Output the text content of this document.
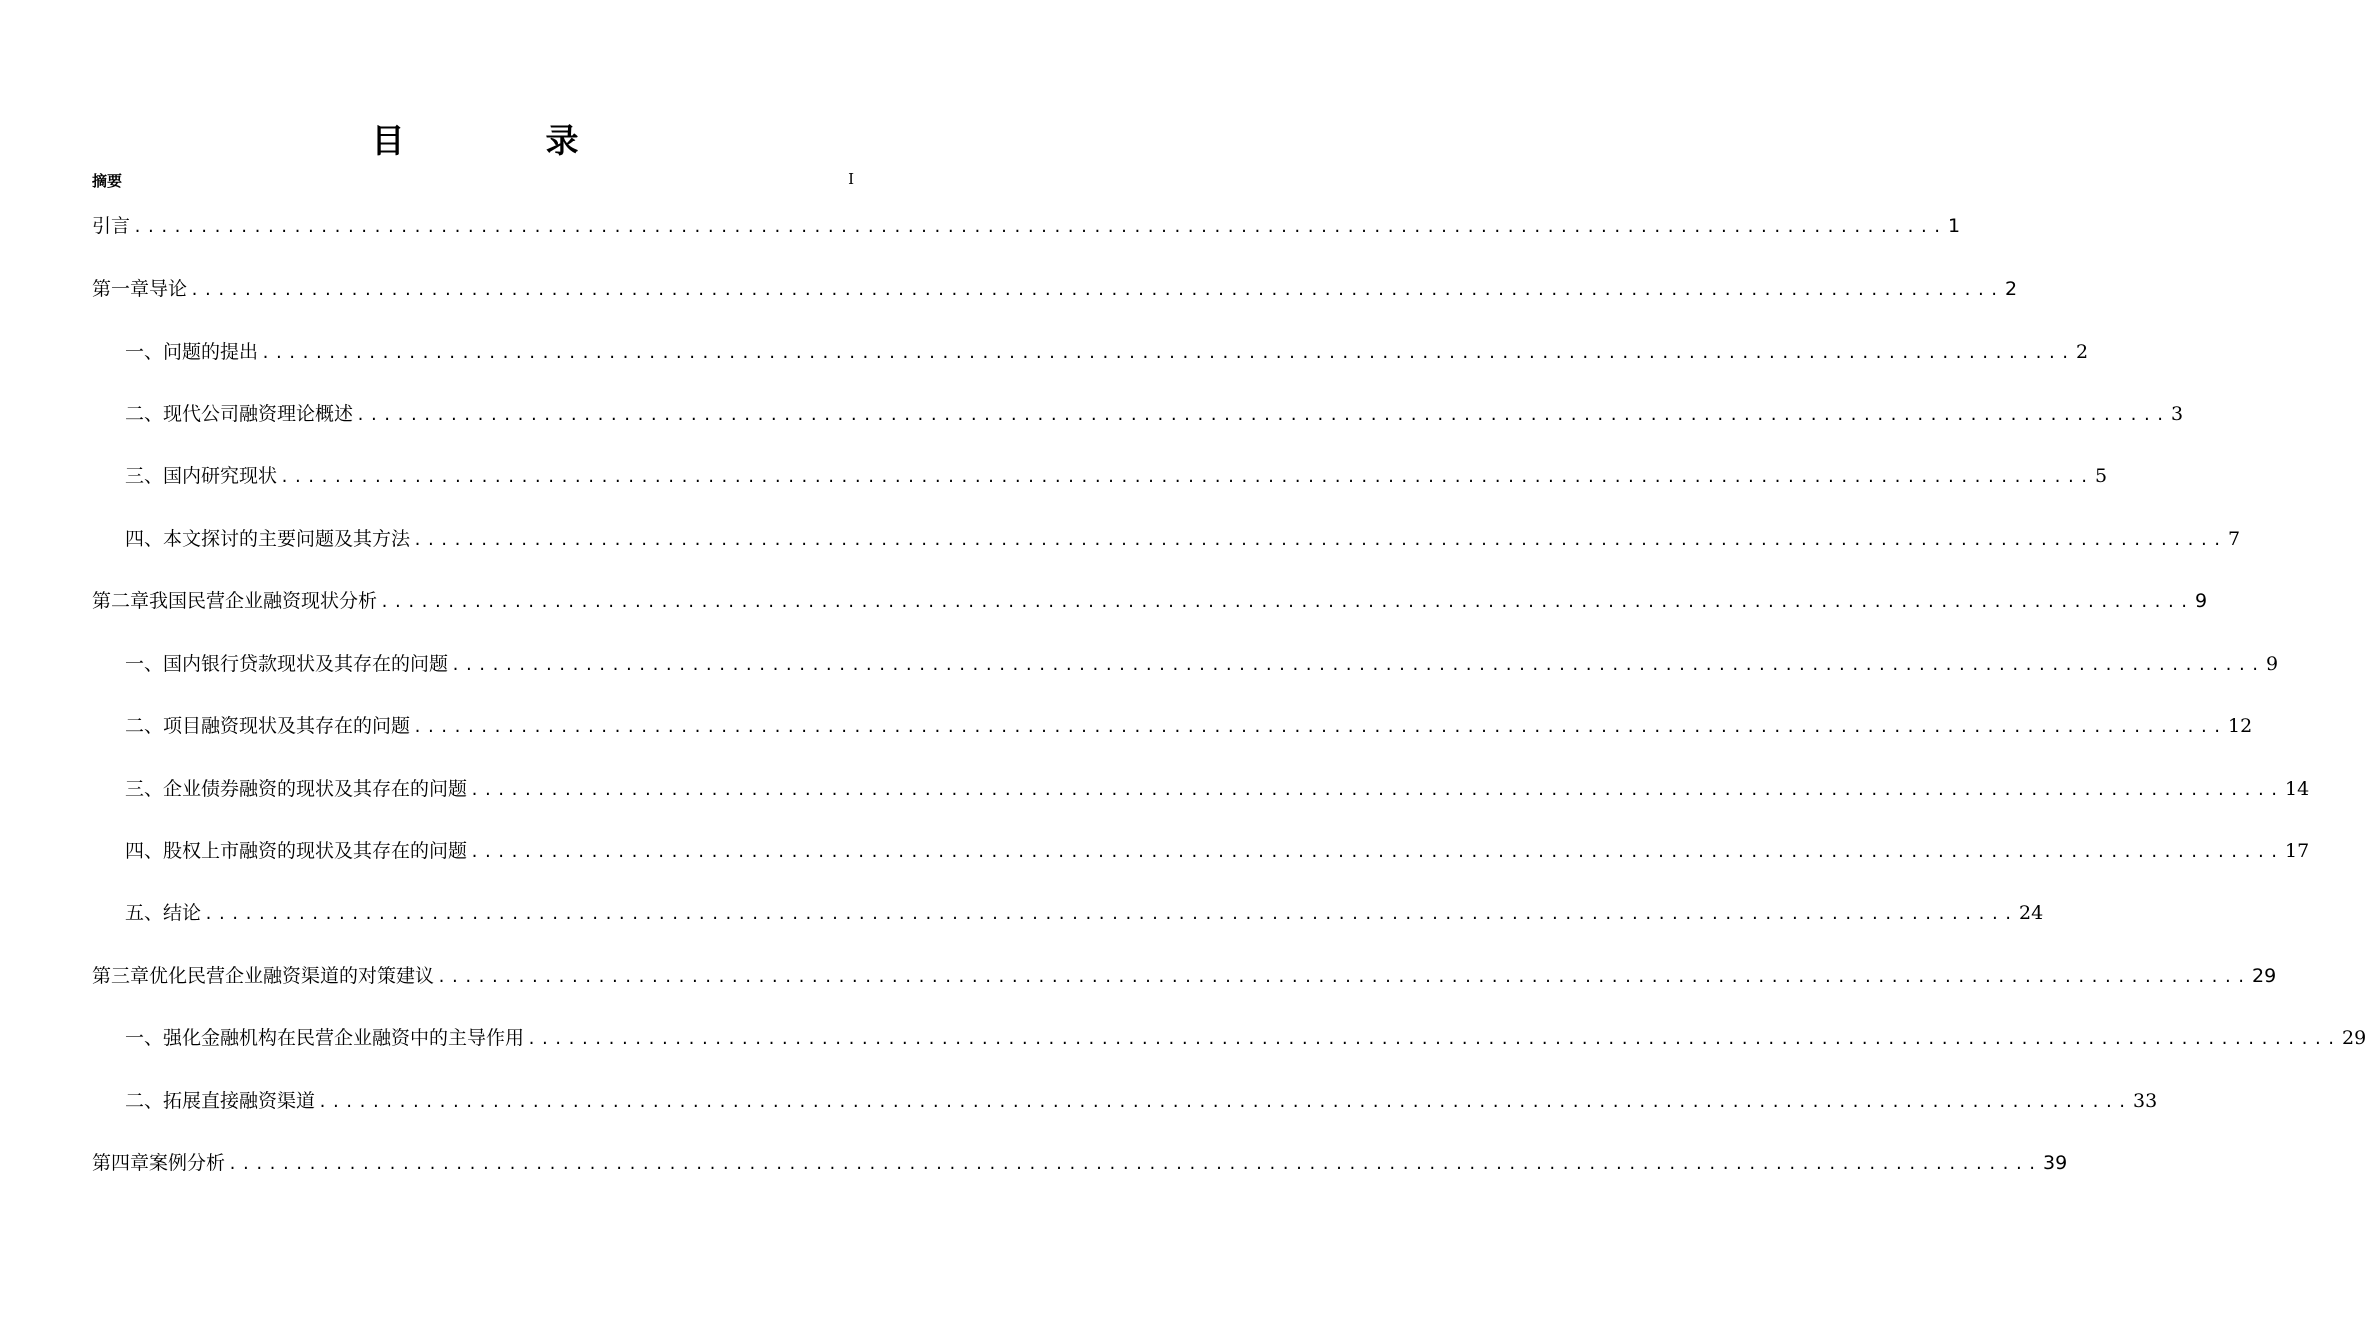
目　录
摘要	I
引 言 ........................................................................................................................................ 1
第一章 导论 ........................................................................................................................................ 2
一、问题的提出 ........................................................................................................................................ 2
二、现代公司融资理论概述 ........................................................................................................................................ 3
三、国内研究现状 ........................................................................................................................................ 5
四、本文探讨的主要问题及其方法 ........................................................................................................................................ 7
第二章 我国民营企业融资现状分析 ........................................................................................................................................ 9
一、国内银行贷款现状及其存在的问题 ........................................................................................................................................ 9
二、项目融资现状及其存在的问题 ........................................................................................................................................ 12
三、企业债券融资的现状及其存在的问题 ........................................................................................................................................ 14
四、股权上市融资的现状及其存在的问题 ........................................................................................................................................ 17
五、结论 ........................................................................................................................................ 24
第三章 优化民营企业融资渠道的对策建议 ........................................................................................................................................ 29
一、强化金融机构在民营企业融资中的主导作用 ........................................................................................................................................ 29
二、拓展直接融资渠道 ........................................................................................................................................ 33
第四章 案例分析 ........................................................................................................................................ 39
